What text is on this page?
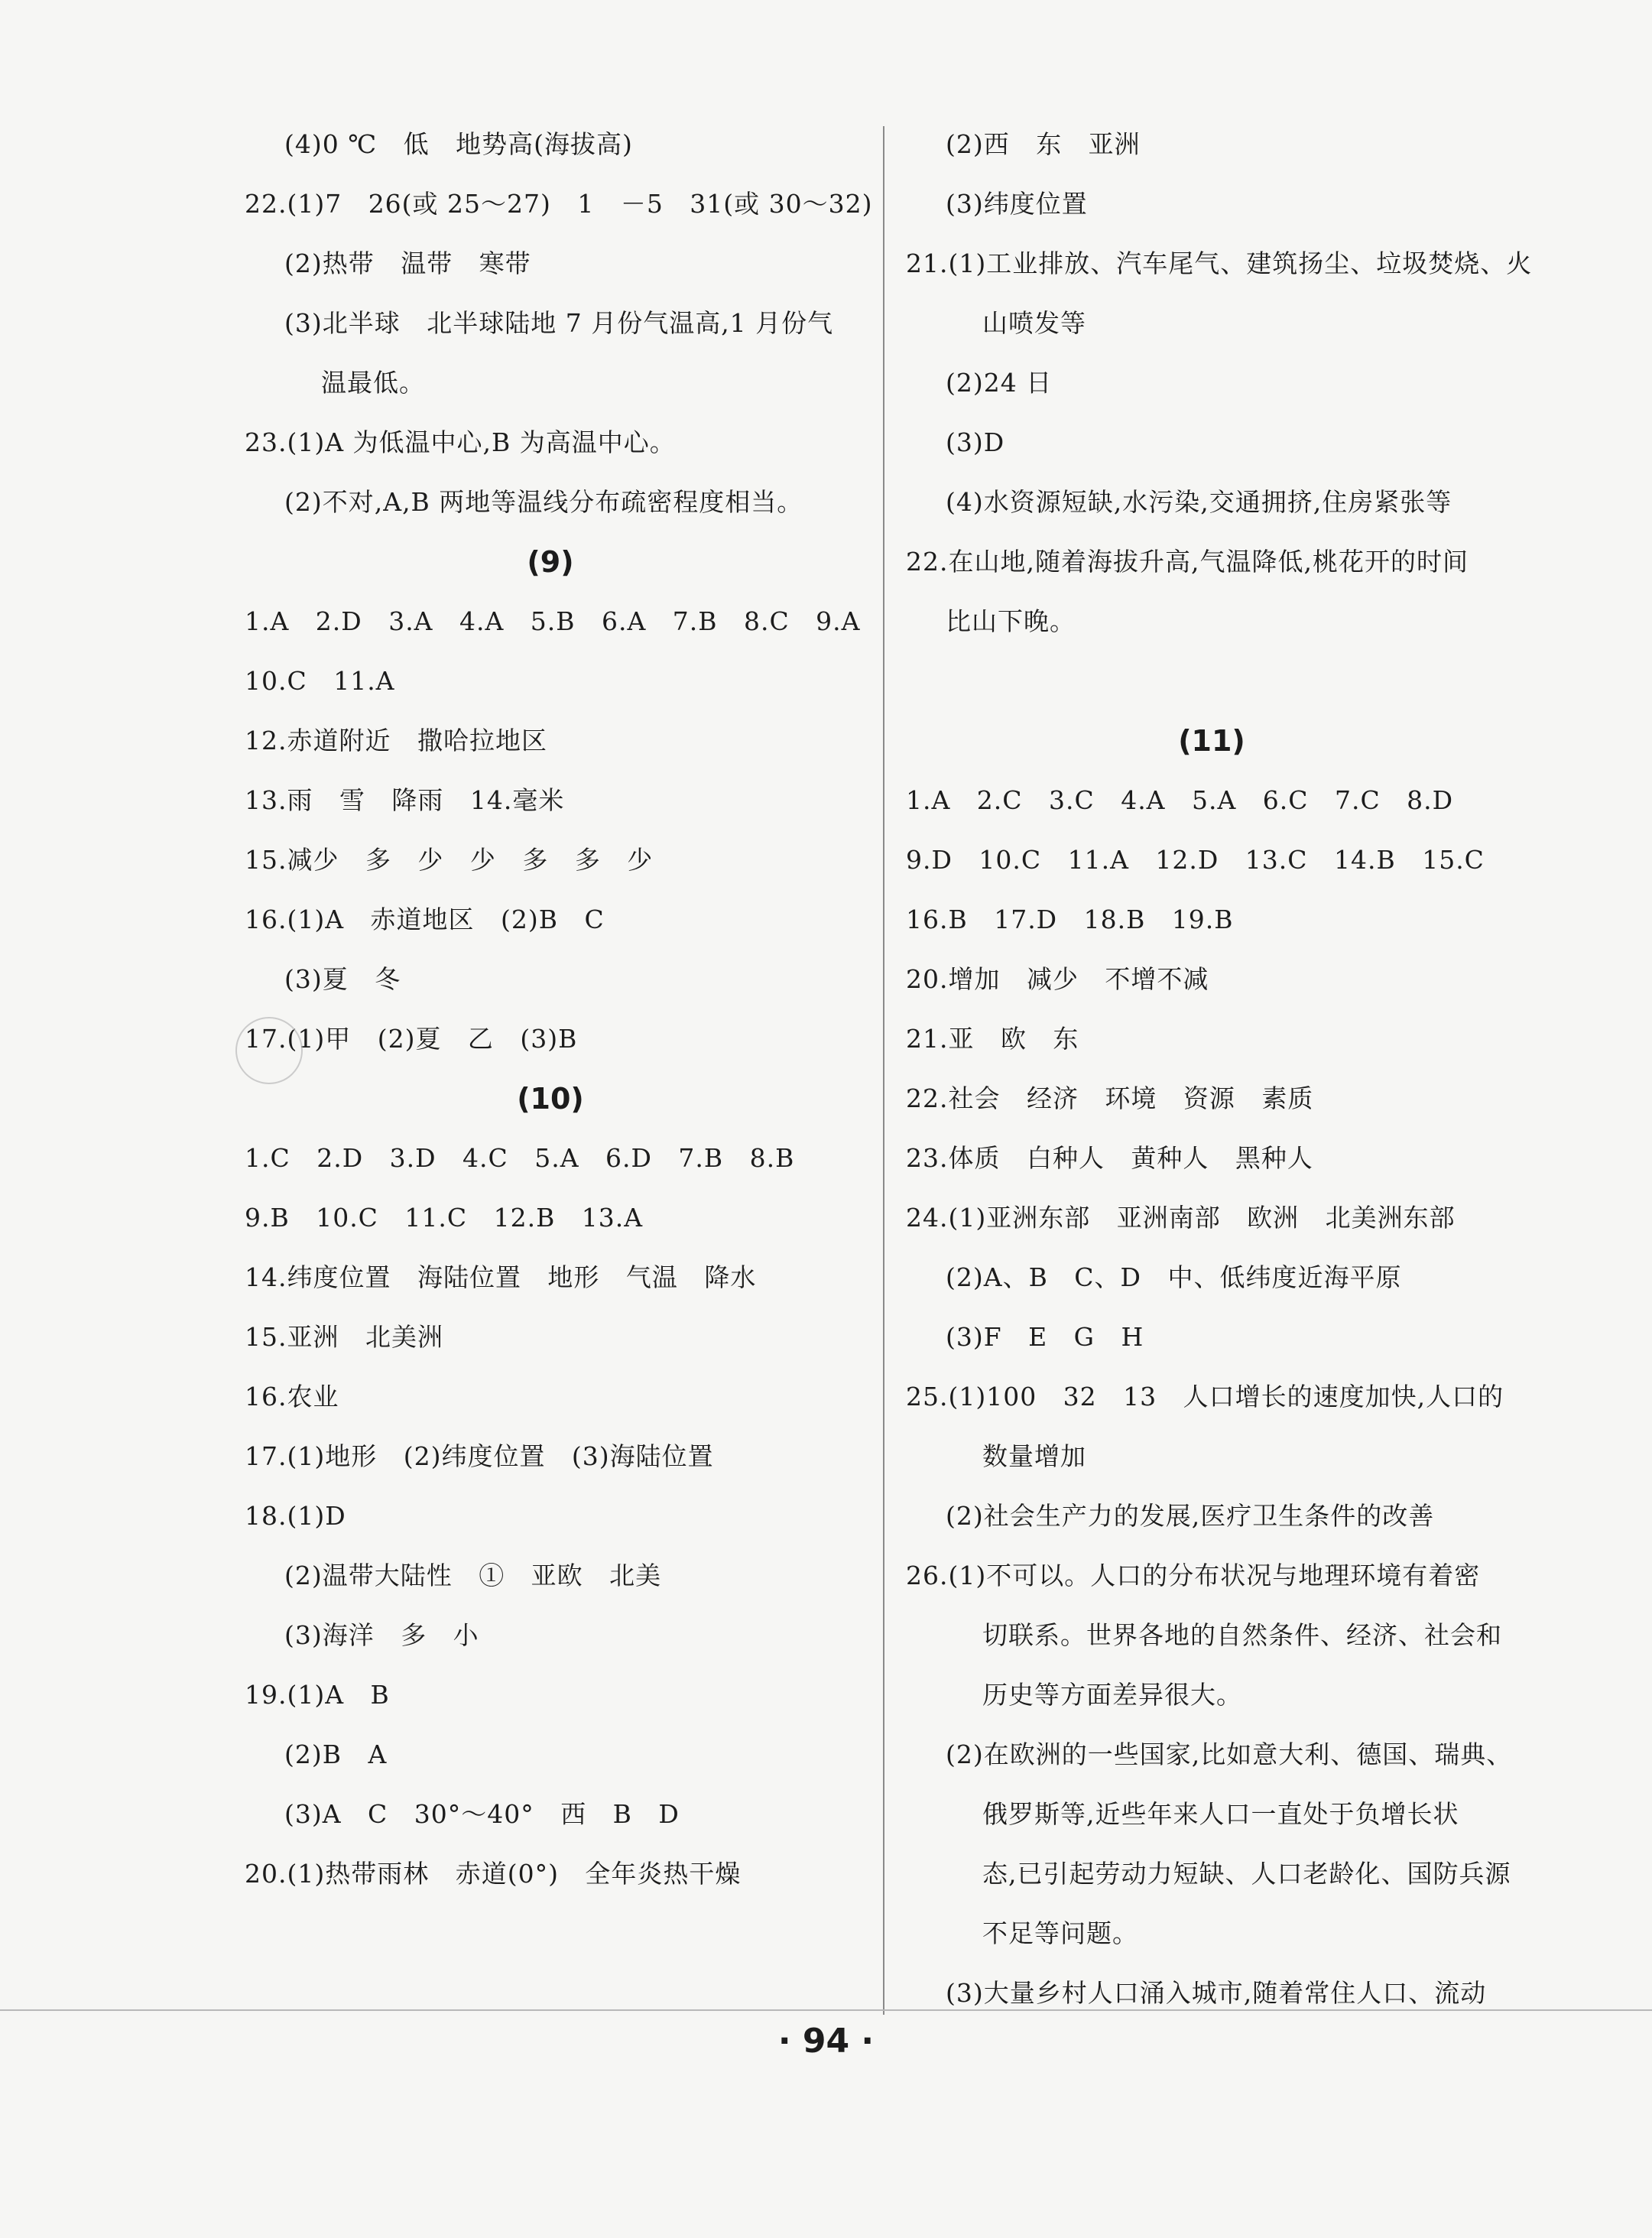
(4)0 ℃   低   地势高(海拔高)
22.(1)7   26(或 25～27)   1   －5   31(或 30～32)
(2)热带   温带   寒带
(3)北半球   北半球陆地 7 月份气温高,1 月份气
温最低。
23.(1)A 为低温中心,B 为高温中心。
(2)不对,A,B 两地等温线分布疏密程度相当。
(9)
1.A   2.D   3.A   4.A   5.B   6.A   7.B   8.C   9.A
10.C   11.A
12.赤道附近   撒哈拉地区
13.雨   雪   降雨   14.毫米
15.减少   多   少   少   多   多   少
16.(1)A   赤道地区   (2)B   C
(3)夏   冬
17.(1)甲   (2)夏   乙   (3)B
(10)
1.C   2.D   3.D   4.C   5.A   6.D   7.B   8.B
9.B   10.C   11.C   12.B   13.A
14.纬度位置   海陆位置   地形   气温   降水
15.亚洲   北美洲
16.农业
17.(1)地形   (2)纬度位置   (3)海陆位置
18.(1)D
(2)温带大陆性   ①   亚欧   北美
(3)海洋   多   小
19.(1)A   B
(2)B   A
(3)A   C   30°～40°   西   B   D
20.(1)热带雨林   赤道(0°)   全年炎热干燥
(2)西   东   亚洲
(3)纬度位置
21.(1)工业排放、汽车尾气、建筑扬尘、垃圾焚烧、火
山喷发等
(2)24 日
(3)D
(4)水资源短缺,水污染,交通拥挤,住房紧张等
22.在山地,随着海拔升高,气温降低,桃花开的时间
比山下晚。
(11)
1.A   2.C   3.C   4.A   5.A   6.C   7.C   8.D
9.D   10.C   11.A   12.D   13.C   14.B   15.C
16.B   17.D   18.B   19.B
20.增加   减少   不增不减
21.亚   欧   东
22.社会   经济   环境   资源   素质
23.体质   白种人   黄种人   黑种人
24.(1)亚洲东部   亚洲南部   欧洲   北美洲东部
(2)A、B   C、D   中、低纬度近海平原
(3)F   E   G   H
25.(1)100   32   13   人口增长的速度加快,人口的
数量增加
(2)社会生产力的发展,医疗卫生条件的改善
26.(1)不可以。人口的分布状况与地理环境有着密
切联系。世界各地的自然条件、经济、社会和
历史等方面差异很大。
(2)在欧洲的一些国家,比如意大利、德国、瑞典、
俄罗斯等,近些年来人口一直处于负增长状
态,已引起劳动力短缺、人口老龄化、国防兵源
不足等问题。
(3)大量乡村人口涌入城市,随着常住人口、流动
· 94 ·
